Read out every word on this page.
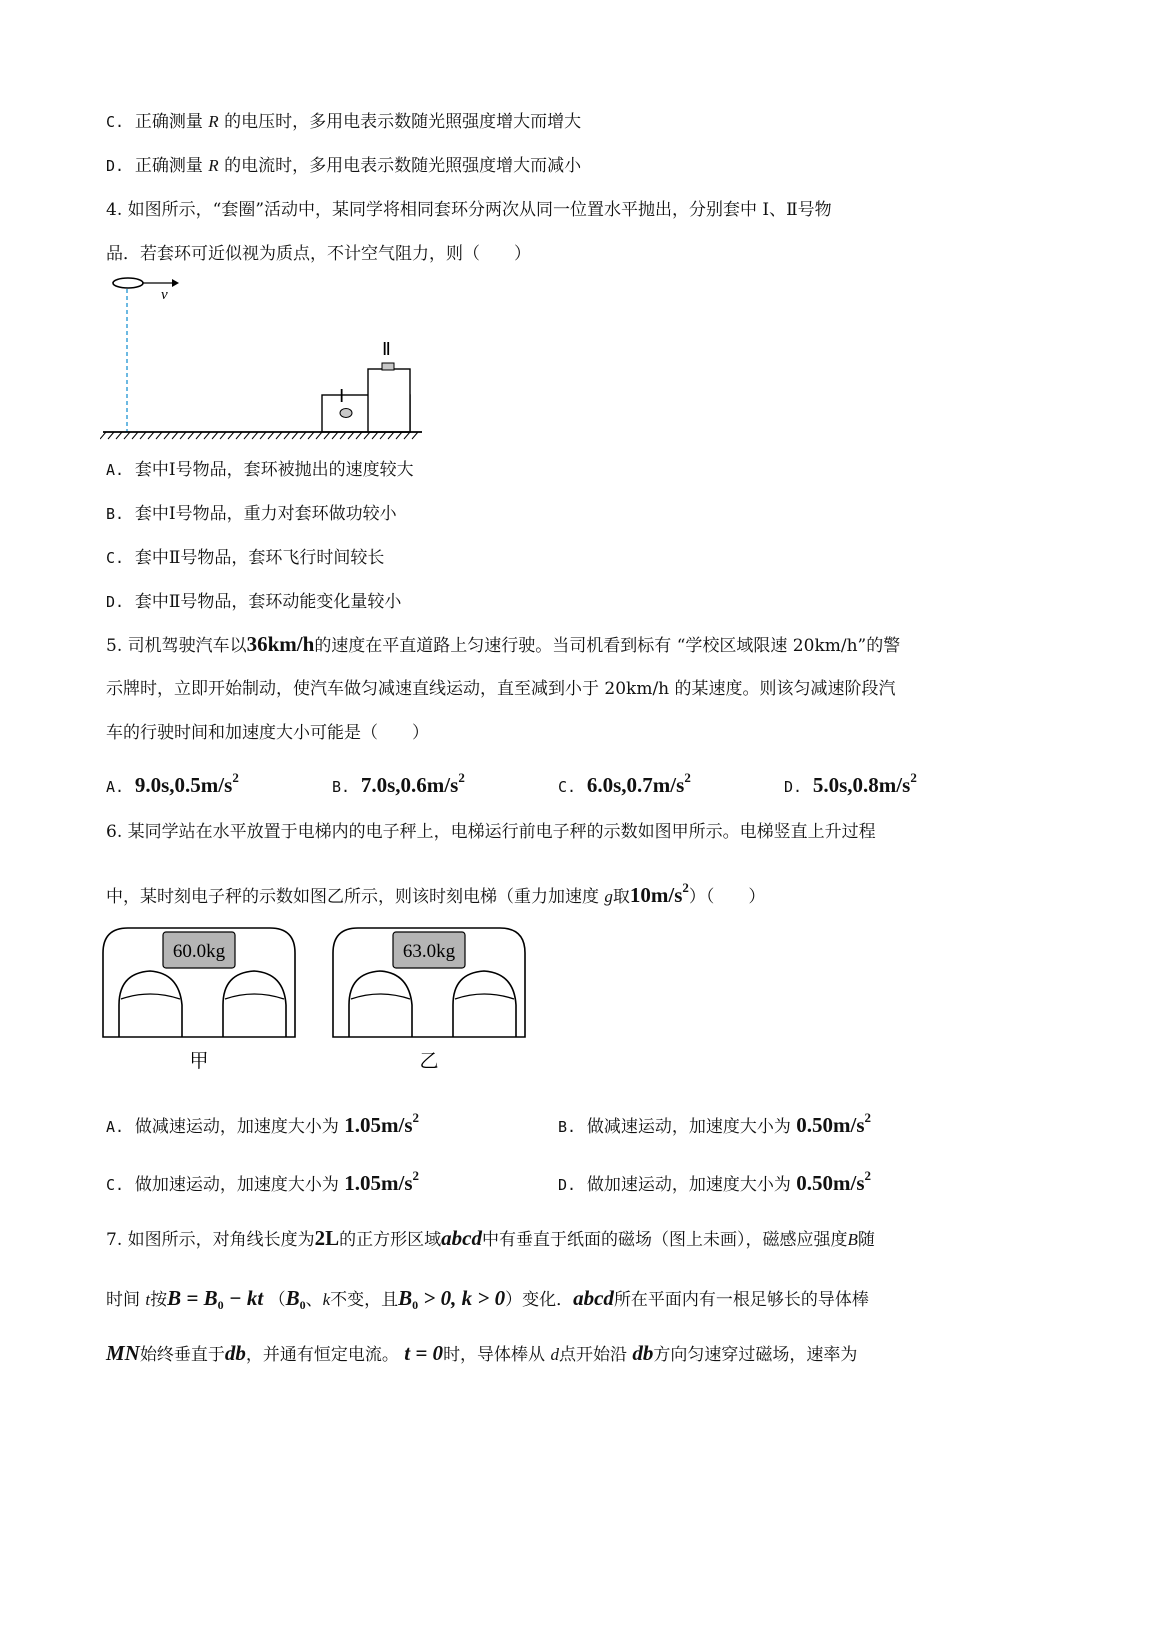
C. 正确测量 R 的电压时，多用电表示数随光照强度增大而增大
D. 正确测量 R 的电流时，多用电表示数随光照强度增大而减小
4. 如图所示，“套圈”活动中，某同学将相同套环分两次从同一位置水平抛出，分别套中 Ⅰ、Ⅱ号物
品．若套环可近似视为质点，不计空气阻力，则（　　）
v
Ⅰ
Ⅱ
A. 套中Ⅰ号物品，套环被抛出的速度较大
B. 套中Ⅰ号物品，重力对套环做功较小
C. 套中Ⅱ号物品，套环飞行时间较长
D. 套中Ⅱ号物品，套环动能变化量较小
5. 司机驾驶汽车以36km/h的速度在平直道路上匀速行驶。当司机看到标有 “学校区域限速 20km/h”的警
示牌时，立即开始制动，使汽车做匀减速直线运动，直至减到小于 20km/h 的某速度。则该匀减速阶段汽
车的行驶时间和加速度大小可能是（　　）
A. $9.0s,0.5m/s^2$
B. $7.0s,0.6m/s^2$
C. $6.0s,0.7m/s^2$
D. $5.0s,0.8m/s^2$
6. 某同学站在水平放置于电梯内的电子秤上，电梯运行前电子秤的示数如图甲所示。电梯竖直上升过程
中，某时刻电子秤的示数如图乙所示，则该时刻电梯（重力加速度 g取$10m/s^2$）（　　）
60.0kg
甲
63.0kg
乙
A. 做减速运动，加速度大小为 $1.05m/s^2$
B. 做减速运动，加速度大小为 $0.50m/s^2$
C. 做加速运动，加速度大小为 $1.05m/s^2$
D. 做加速运动，加速度大小为 $0.50m/s^2$
7. 如图所示，对角线长度为2L的正方形区域abcd中有垂直于纸面的磁场（图上未画），磁感应强度B随
时间 t按$B = B_0$ − kt （$B_0$、k不变，且$B_0 > 0$, k > 0）变化．abcd所在平面内有一根足够长的导体棒
MN始终垂直于db，并通有恒定电流。 t = 0时，导体棒从 d点开始沿 db方向匀速穿过磁场，速率为
